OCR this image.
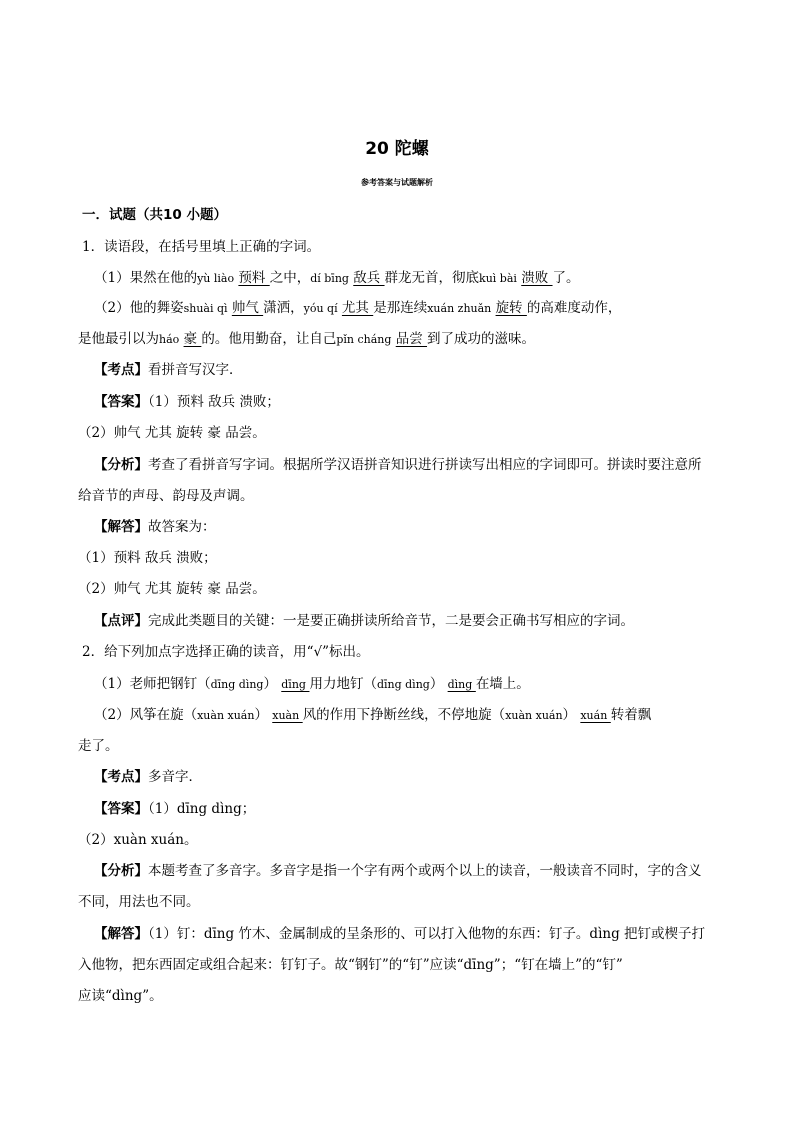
20 陀螺
参考答案与试题解析
一．试题（共10 小题）
1．读语段，在括号里填上正确的字词。
（1）果然在他的yù liào 预料 之中，dí bīng 敌兵 群龙无首，彻底kuì bài 溃败 了。
（2）他的舞姿shuài qì 帅气 潇洒，yóu qí 尤其 是那连续xuán zhuǎn 旋转 的高难度动作，
是他最引以为háo 豪 的。他用勤奋，让自己pǐn cháng 品尝 到了成功的滋味。
【考点】看拼音写汉字．
【答案】（1）预料 敌兵 溃败；
（2）帅气 尤其 旋转 豪 品尝。
【分析】考查了看拼音写字词。根据所学汉语拼音知识进行拼读写出相应的字词即可。拼读时要注意所
给音节的声母、韵母及声调。
【解答】故答案为：
（1）预料 敌兵 溃败；
（2）帅气 尤其 旋转 豪 品尝。
【点评】完成此类题目的关键：一是要正确拼读所给音节，二是要会正确书写相应的字词。
2．给下列加点字选择正确的读音，用“√”标出。
（1）老师把钢钉（dīng dìng） dīng 用力地钉（dīng dìng） dìng 在墙上。
（2）风筝在旋（xuàn xuán） xuàn 风的作用下挣断丝线，不停地旋（xuàn xuán） xuán 转着飘
走了。
【考点】多音字．
【答案】（1）dīng dìng；
（2）xuàn xuán。
【分析】本题考查了多音字。多音字是指一个字有两个或两个以上的读音，一般读音不同时，字的含义
不同，用法也不同。
【解答】（1）钉：dīng 竹木、金属制成的呈条形的、可以打入他物的东西：钉子。dìng 把钉或楔子打
入他物，把东西固定或组合起来：钉钉子。故“钢钉”的“钉”应读“dīng”；“钉在墙上”的“钉”
应读“dìng”。
